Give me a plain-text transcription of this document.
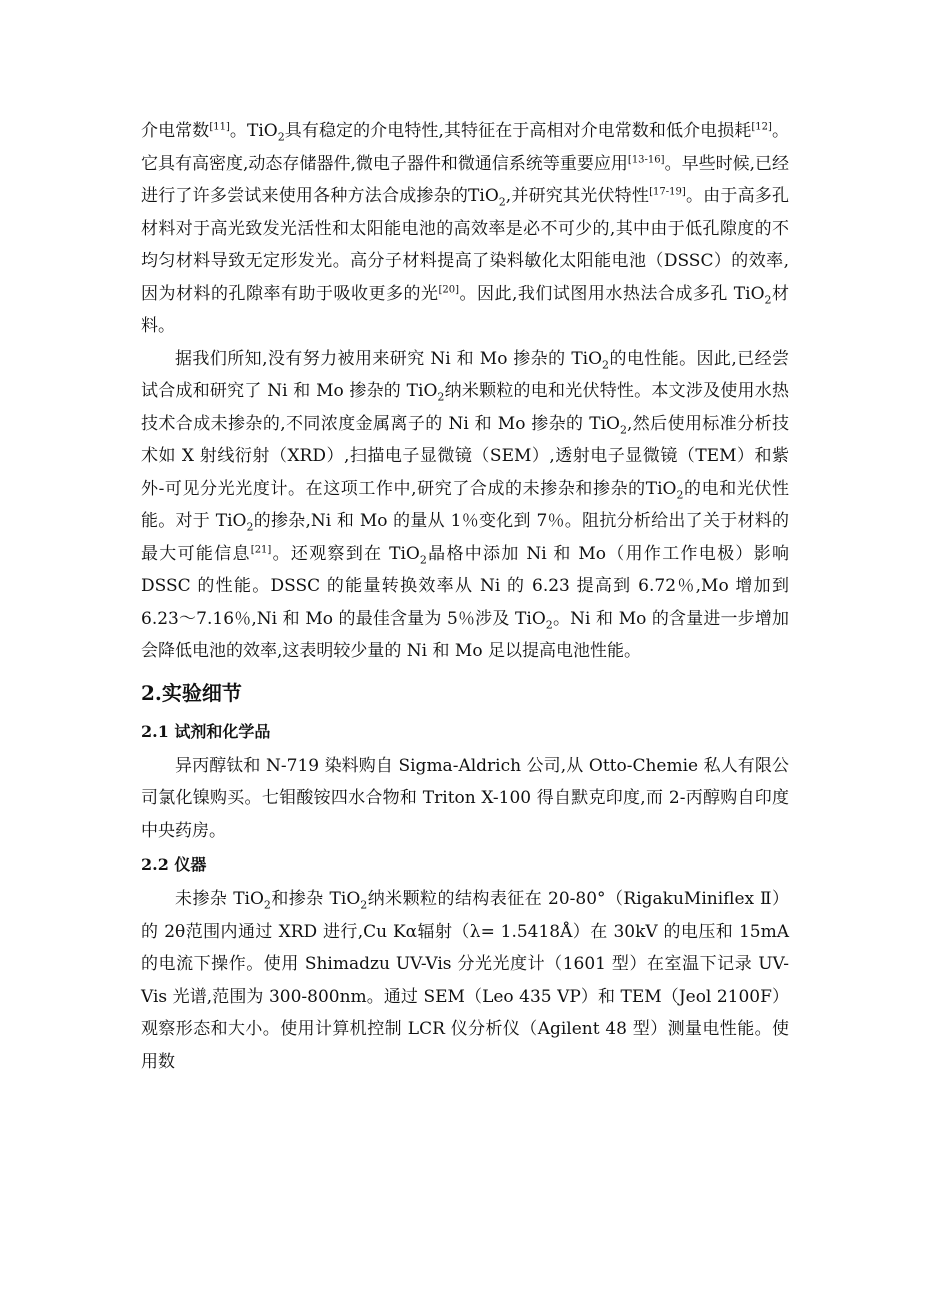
介电常数[11]。TiO$_2$具有稳定的介电特性,其特征在于高相对介电常数和低介电损耗[12]。它具有高密度,动态存储器件,微电子器件和微通信系统等重要应用[13-16]。早些时候,已经进行了许多尝试来使用各种方法合成掺杂的TiO$_2$,并研究其光伏特性[17-19]。由于高多孔材料对于高光致发光活性和太阳能电池的高效率是必不可少的,其中由于低孔隙度的不均匀材料导致无定形发光。高分子材料提高了染料敏化太阳能电池（DSSC）的效率,因为材料的孔隙率有助于吸收更多的光[20]。因此,我们试图用水热法合成多孔 TiO$_2$材料。

据我们所知,没有努力被用来研究 Ni 和 Mo 掺杂的 TiO$_2$的电性能。因此,已经尝试合成和研究了 Ni 和 Mo 掺杂的 TiO$_2$纳米颗粒的电和光伏特性。本文涉及使用水热技术合成未掺杂的,不同浓度金属离子的 Ni 和 Mo 掺杂的 TiO$_2$,然后使用标准分析技术如 X 射线衍射（XRD）,扫描电子显微镜（SEM）,透射电子显微镜（TEM）和紫外-可见分光光度计。在这项工作中,研究了合成的未掺杂和掺杂的TiO$_2$的电和光伏性能。对于 TiO$_2$的掺杂,Ni 和 Mo 的量从 1％变化到 7％。阻抗分析给出了关于材料的最大可能信息[21]。还观察到在 TiO$_2$晶格中添加 Ni 和 Mo（用作工作电极）影响 DSSC 的性能。DSSC 的能量转换效率从 Ni 的 6.23 提高到 6.72％,Mo 增加到 6.23～7.16％,Ni 和 Mo 的最佳含量为 5％涉及 TiO$_2$。Ni 和 Mo 的含量进一步增加会降低电池的效率,这表明较少量的 Ni 和 Mo 足以提高电池性能。

2.实验细节
2.1 试剂和化学品

异丙醇钛和 N-719 染料购自 Sigma-Aldrich 公司,从 Otto-Chemie 私人有限公司氯化镍购买。七钼酸铵四水合物和 Triton X-100 得自默克印度,而 2-丙醇购自印度中央药房。

2.2 仪器

未掺杂 TiO$_2$和掺杂 TiO$_2$纳米颗粒的结构表征在 20-80°（RigakuMiniflex Ⅱ）的 2θ范围内通过 XRD 进行,Cu Kα辐射（λ= 1.5418Å）在 30kV 的电压和 15mA 的电流下操作。使用 Shimadzu UV-Vis 分光光度计（1601 型）在室温下记录 UV-Vis 光谱,范围为 300-800nm。通过 SEM（Leo 435 VP）和 TEM（Jeol 2100F）观察形态和大小。使用计算机控制 LCR 仪分析仪（Agilent 48 型）测量电性能。使用数
